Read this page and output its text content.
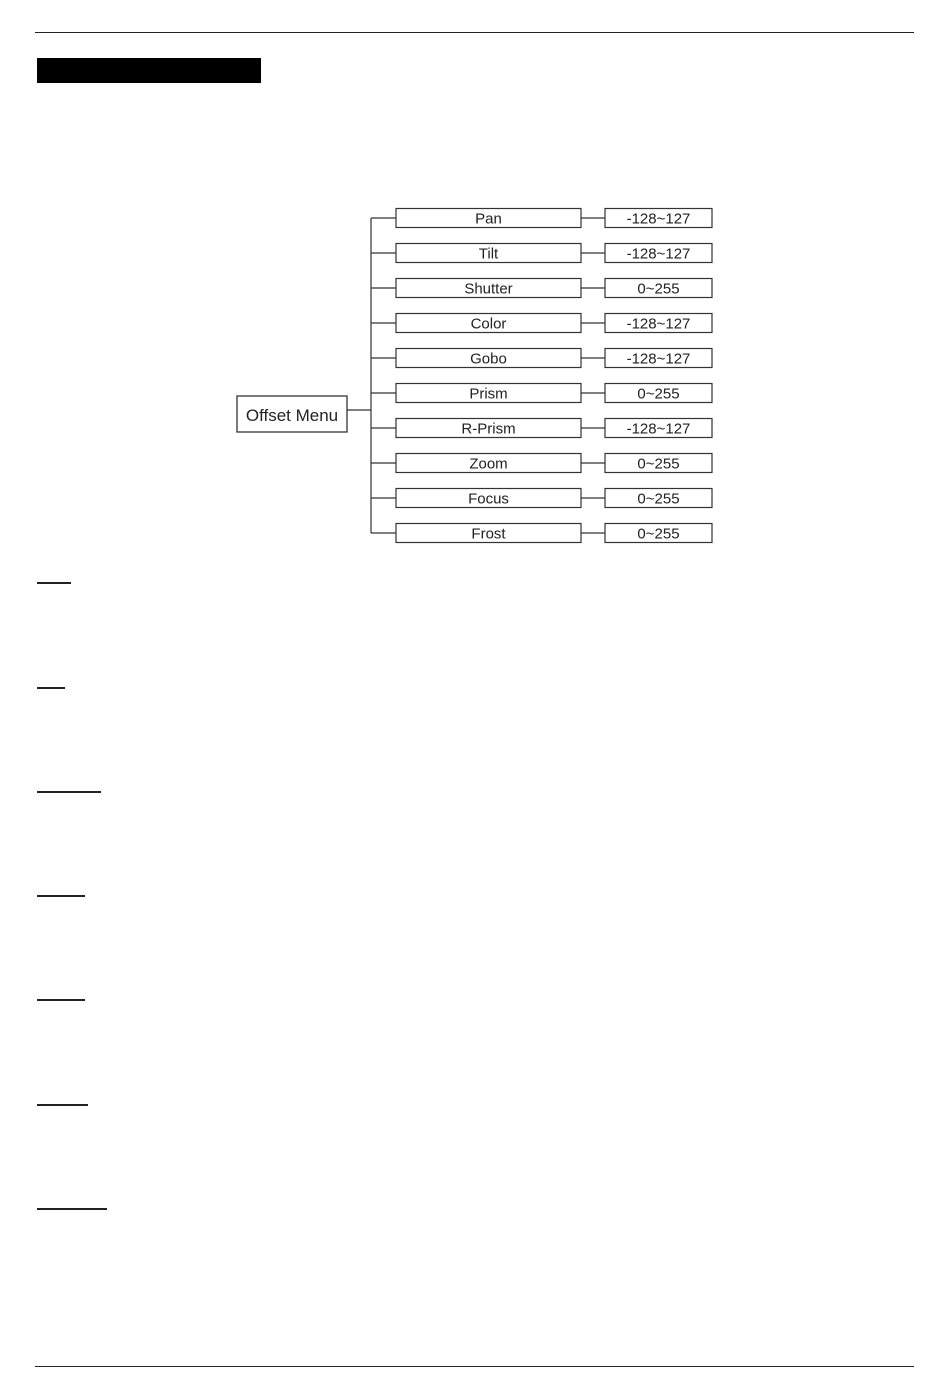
Offset Menu
Pan	-128~127
Tilt	-128~127
Shutter	0~255
Color	-128~127
Gobo	-128~127
Prism	0~255
R-Prism	-128~127
Zoom	0~255
Focus	0~255
Frost	0~255
